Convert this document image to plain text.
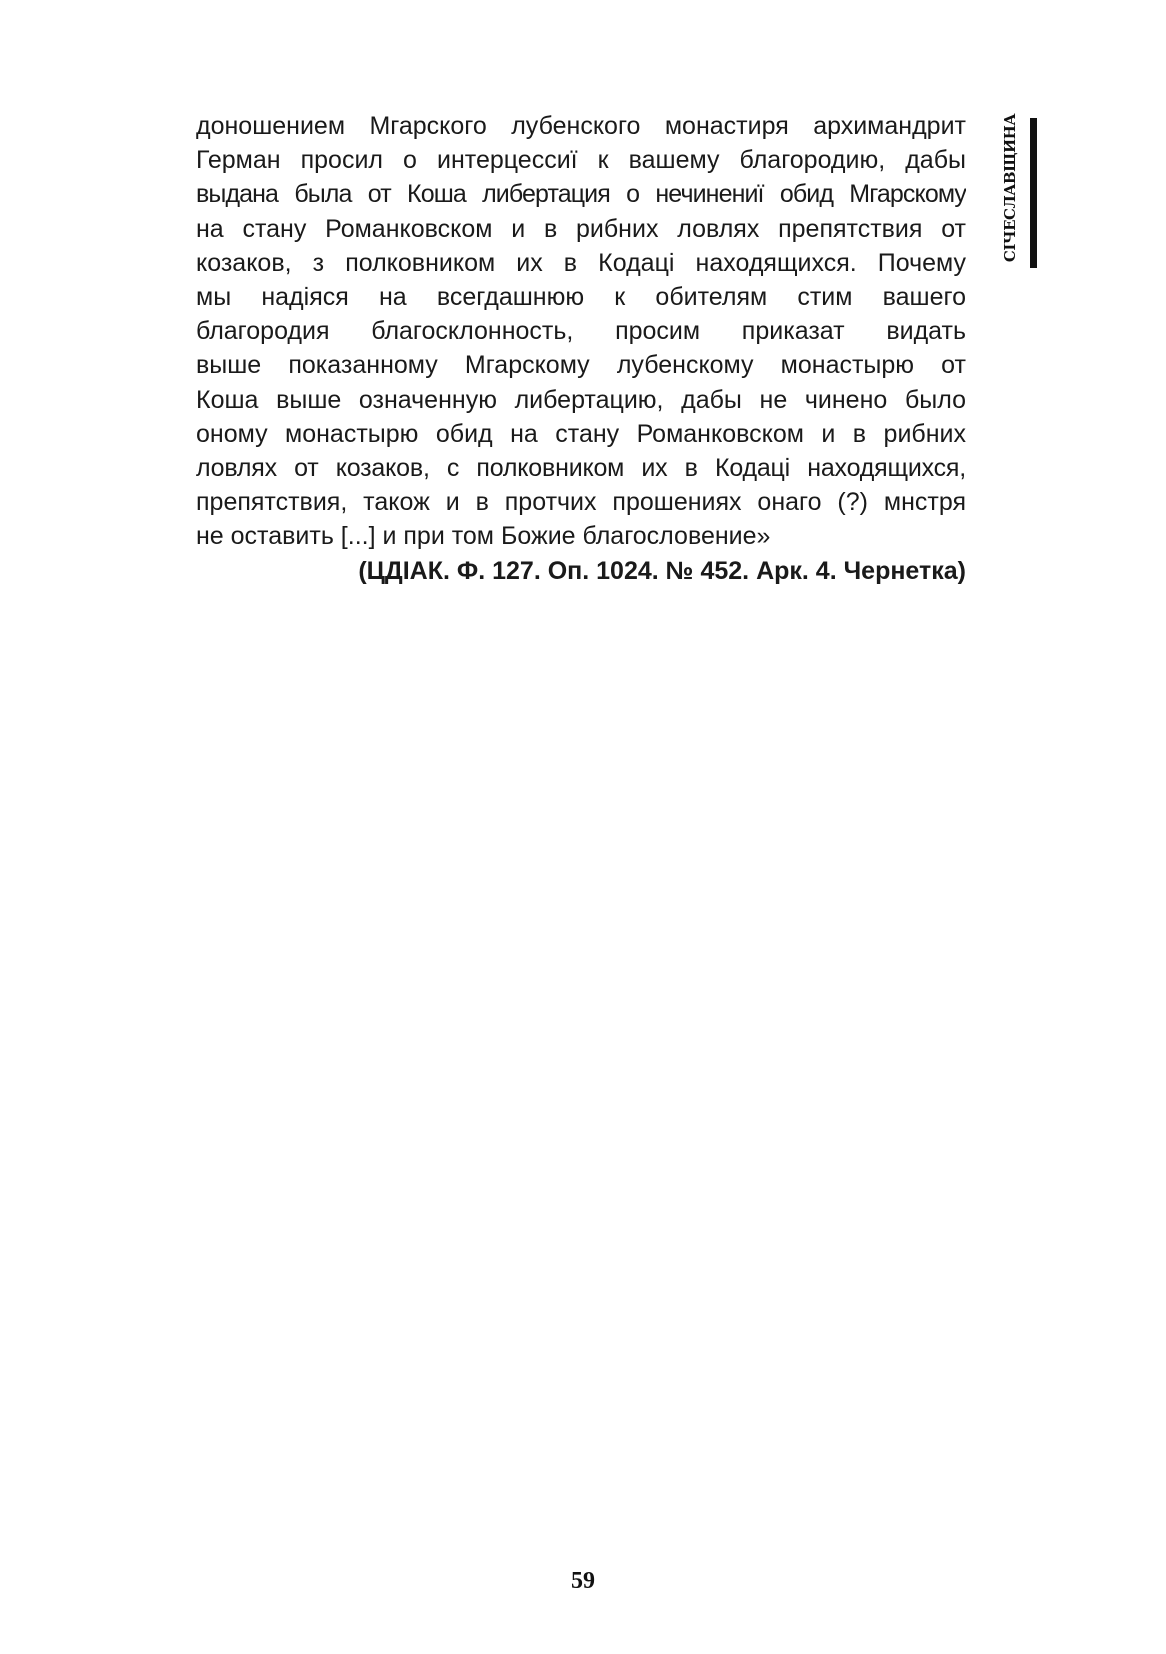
СІЧЕСЛАВЩИНА
доношением Мгарского лубенского монастиря архимандрит
Герман просил о интерцессиї к вашему благородию, дабы
выдана была от Коша либертация о нечинениї обид Мгарскому
на стану Романковском и в рибних ловлях препятствия от
козаков, з полковником их в Кодаці находящихся. Почему
мы надіяся на всегдашнюю к обителям стим вашего
благородия благосклонность, просим приказат видать
выше показанному Мгарскому лубенскому монастырю от
Коша выше означенную либертацию, дабы не чинено было
оному монастырю обид на стану Романковском и в рибних
ловлях от козаков, с полковником их в Кодаці находящихся,
препятствия, також и в протчих прошениях онаго (?) мнстря
не оставить [...] и при том Божие благословение»
(ЦДІАК. Ф. 127. Оп. 1024. № 452. Арк. 4. Чернетка)
59
